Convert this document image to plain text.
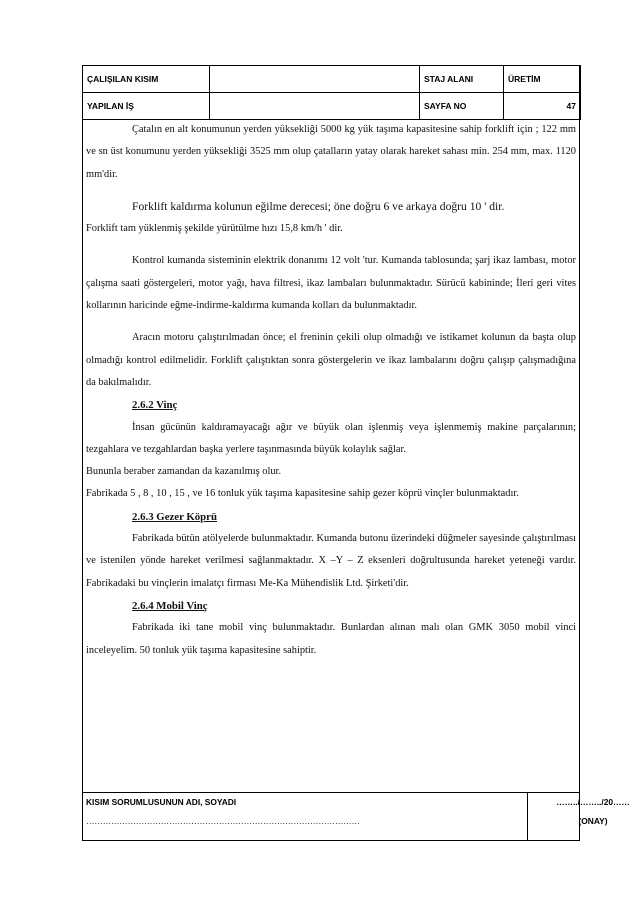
ÇALIŞILAN KISIM		STAJ ALANI	ÜRETİM
YAPILAN İŞ		SAYFA NO	47

Çatalın en alt konumunun yerden yüksekliği 5000 kg yük taşıma kapasitesine sahip forklift için ; 122 mm ve sn üst konumunu yerden yüksekliği 3525 mm olup çatalların yatay olarak hareket sahası min. 254 mm, max. 1120 mm'dir.

Forklift kaldırma kolunun eğilme derecesi; öne doğru 6 ve arkaya doğru 10 ' dir.

Forklift tam yüklenmiş şekilde yürütülme hızı 15,8 km/h ' dir.

Kontrol kumanda sisteminin elektrik donanımı 12 volt 'tur. Kumanda tablosunda; şarj ikaz lambası, motor çalışma saati göstergeleri, motor yağı, hava filtresi, ikaz lambaları bulunmaktadır. Sürücü kabininde; İleri geri vites kollarının haricinde eğme-indirme-kaldırma kumanda kolları da bulunmaktadır.

Aracın motoru çalıştırılmadan önce; el freninin çekili olup olmadığı ve istikamet kolunun da başta olup olmadığı kontrol edilmelidir. Forklift çalıştıktan sonra göstergelerin ve ikaz lambalarını doğru çalışıp çalışmadığına da bakılmalıdır.

2.6.2 Vinç

İnsan gücünün kaldıramayacağı ağır ve büyük olan işlenmiş veya işlenmemiş makine parçalarının; tezgahlara ve tezgahlardan başka yerlere taşınmasında büyük kolaylık sağlar.

Bununla beraber zamandan da kazanılmış olur.

Fabrikada 5 , 8 , 10 , 15 , ve 16 tonluk yük taşıma kapasitesine sahip gezer köprü vinçler bulunmaktadır.

2.6.3 Gezer Köprü

Fabrikada bütün atölyelerde bulunmaktadır. Kumanda butonu üzerindeki düğmeler sayesinde çalıştırılması ve istenilen yönde hareket verilmesi sağlanmaktadır. X –Y – Z eksenleri doğrultusunda hareket yeteneği vardır. Fabrikadaki bu vinçlerin imalatçı firması Me-Ka Mühendislik Ltd. Şirketi'dir.

2.6.4 Mobil Vinç

Fabrikada iki tane mobil vinç bulunmaktadır. Bunlardan alınan malı olan GMK 3050 mobil vinci inceleyelim. 50 tonluk yük taşıma kapasitesine sahiptir.

KISIM SORUMLUSUNUN ADI, SOYADI
………………………………………………………………………………………
……../……../20……
(ONAY)
